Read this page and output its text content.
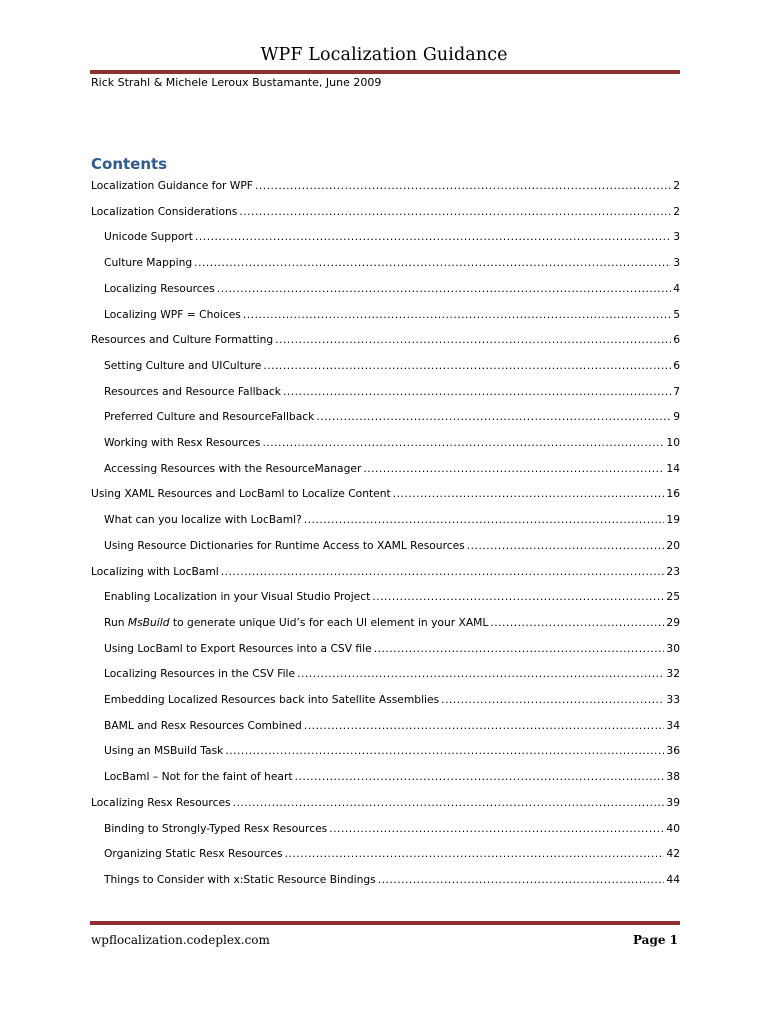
WPF Localization Guidance
Rick Strahl & Michele Leroux Bustamante, June 2009
Contents
Localization Guidance for WPF .....	2
Localization Considerations .....	2
Unicode Support .....	3
Culture Mapping .....	3
Localizing Resources .....	4
Localizing WPF = Choices .....	5
Resources and Culture Formatting .....	6
Setting Culture and UICulture .....	6
Resources and Resource Fallback .....	7
Preferred Culture and ResourceFallback .....	9
Working with Resx Resources .....	10
Accessing Resources with the ResourceManager .....	14
Using XAML Resources and LocBaml to Localize Content .....	16
What can you localize with LocBaml? .....	19
Using Resource Dictionaries for Runtime Access to XAML Resources .....	20
Localizing with LocBaml .....	23
Enabling Localization in your Visual Studio Project .....	25
Run MsBuild to generate unique Uid’s for each UI element in your XAML .....	29
Using LocBaml to Export Resources into a CSV file .....	30
Localizing Resources in the CSV File .....	32
Embedding Localized Resources back into Satellite Assemblies .....	33
BAML and Resx Resources Combined .....	34
Using an MSBuild Task .....	36
LocBaml – Not for the faint of heart .....	38
Localizing Resx Resources .....	39
Binding to Strongly-Typed Resx Resources .....	40
Organizing Static Resx Resources .....	42
Things to Consider with x:Static Resource Bindings .....	44
wpflocalization.codeplex.com	Page 1
